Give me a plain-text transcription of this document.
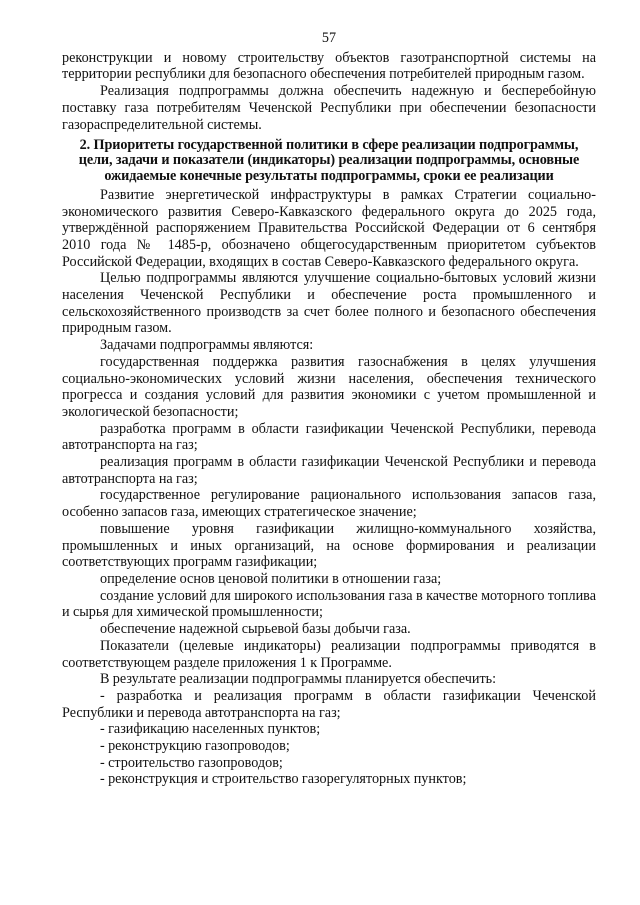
57

реконструкции и новому строительству объектов газотранспортной системы на территории республики для безопасного обеспечения потребителей природным газом.

Реализация подпрограммы должна обеспечить надежную и бесперебойную поставку газа потребителям Чеченской Республики при обеспечении безопасности газораспределительной системы.

2. Приоритеты государственной политики в сфере реализации подпрограммы, цели, задачи и показатели (индикаторы) реализации подпрограммы, основные ожидаемые конечные результаты подпрограммы, сроки ее реализации

Развитие энергетической инфраструктуры в рамках Стратегии социально-экономического развития Северо-Кавказского федерального округа до 2025 года, утверждённой распоряжением Правительства Российской Федерации от 6 сентября 2010 года № 1485-р, обозначено общегосударственным приоритетом субъектов Российской Федерации, входящих в состав Северо-Кавказского федерального округа.

Целью подпрограммы являются улучшение социально-бытовых условий жизни населения Чеченской Республики и обеспечение роста промышленного и сельскохозяйственного производств за счет более полного и безопасного обеспечения природным газом.

Задачами подпрограммы являются:

государственная поддержка развития газоснабжения в целях улучшения социально-экономических условий жизни населения, обеспечения технического прогресса и создания условий для развития экономики с учетом промышленной и экологической безопасности;

разработка программ в области газификации Чеченской Республики, перевода автотранспорта на газ;

реализация программ в области газификации Чеченской Республики и перевода автотранспорта на газ;

государственное регулирование рационального использования запасов газа, особенно запасов газа, имеющих стратегическое значение;

повышение уровня газификации жилищно-коммунального хозяйства, промышленных и иных организаций, на основе формирования и реализации соответствующих программ газификации;

определение основ ценовой политики в отношении газа;

создание условий для широкого использования газа в качестве моторного топлива и сырья для химической промышленности;

обеспечение надежной сырьевой базы добычи газа.

Показатели (целевые индикаторы) реализации подпрограммы приводятся в соответствующем разделе приложения 1 к Программе.

В результате реализации подпрограммы планируется обеспечить:

- разработка и реализация программ в области газификации Чеченской Республики и перевода автотранспорта на газ;

- газификацию населенных пунктов;

- реконструкцию газопроводов;

- строительство газопроводов;

- реконструкция и строительство газорегуляторных пунктов;
